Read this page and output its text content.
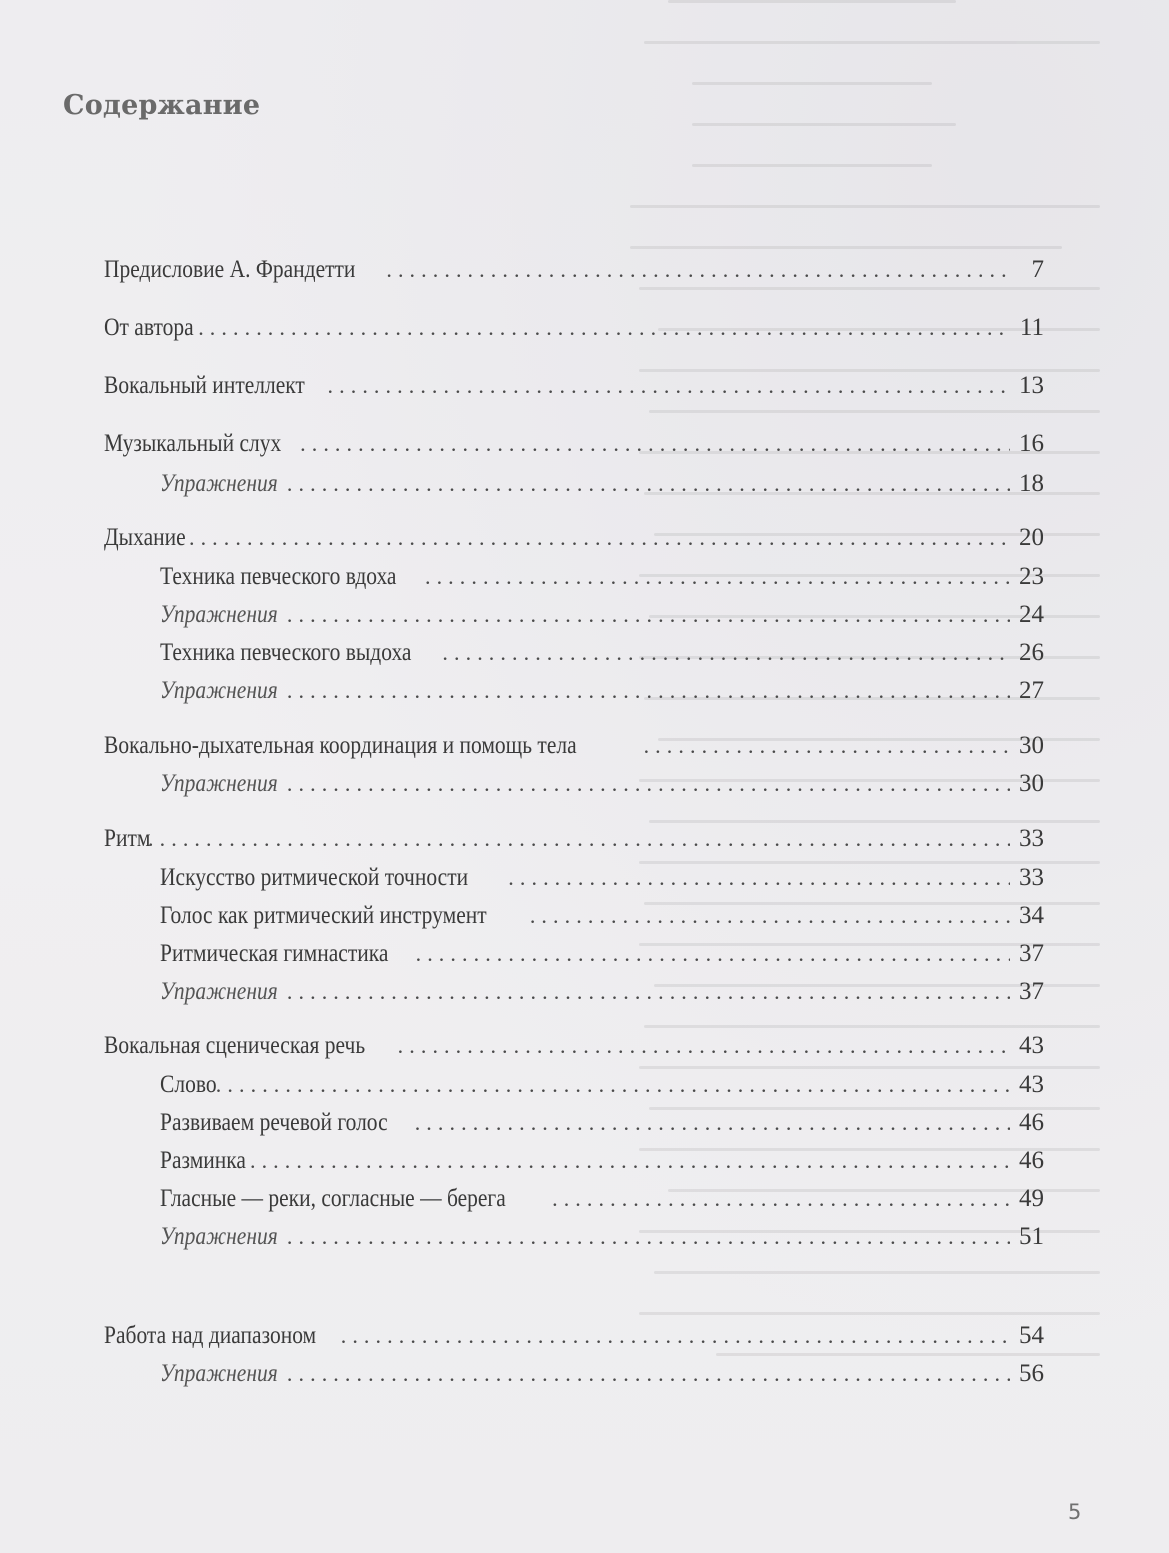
Содержание
Предисловие А. Франдетти . . .	7
От автора . . .	11
Вокальный интеллект . . .	13
Музыкальный слух . . .	16
Упражнения . . .	18
Дыхание . . .	20
Техника певческого вдоха . . .	23
Упражнения . . .	24
Техника певческого выдоха . . .	26
Упражнения . . .	27
Вокально-дыхательная координация и помощь тела . . .	30
Упражнения . . .	30
Ритм . . .	33
Искусство ритмической точности . . .	33
Голос как ритмический инструмент . . .	34
Ритмическая гимнастика . . .	37
Упражнения . . .	37
Вокальная сценическая речь . . .	43
Слово . . .	43
Развиваем речевой голос . . .	46
Разминка . . .	46
Гласные — реки, согласные — берега . . .	49
Упражнения . . .	51
Работа над диапазоном . . .	54
Упражнения . . .	56
5
